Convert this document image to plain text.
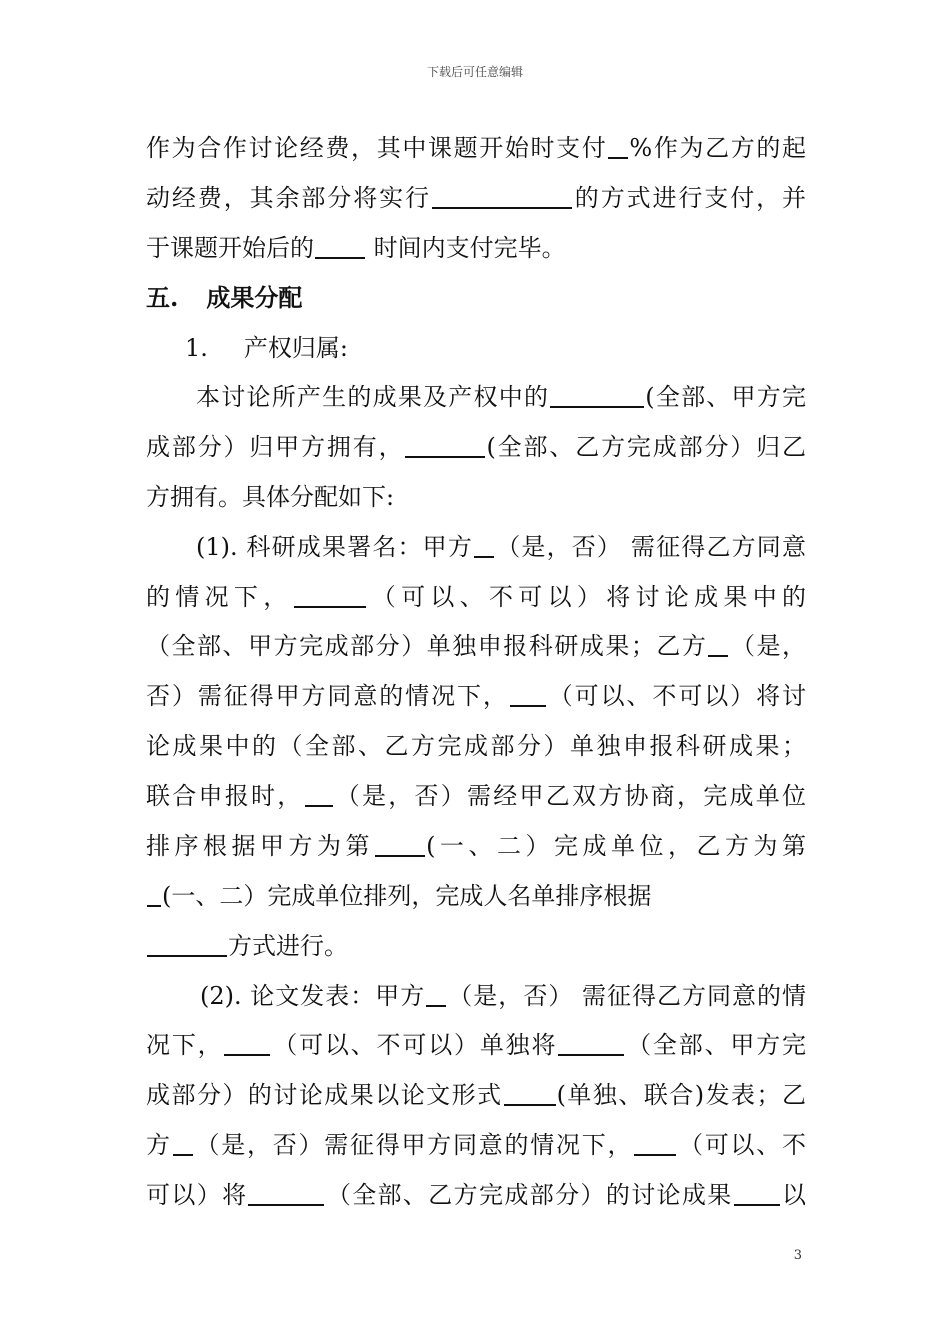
下载后可任意编辑
作为合作讨论经费，其中课题开始时支付 %作为乙方的起
动经费，其余部分将实行	的方式进行支付，并
于课题开始后的 时间内支付完毕。
五. 成果分配
1. 产权归属:
本讨论所产生的成果及产权中的	(全部、甲方完
成部分）归甲方拥有，	(全部、乙方完成部分）归乙
方拥有。具体分配如下:
(1). 科研成果署名：甲方 （是，否） 需征得乙方同意
的情况下，	（可以、不可以）将讨论成果中的
（全部、甲方完成部分）单独申报科研成果；乙方 （是，
否）需征得甲方同意的情况下， （可以、不可以）将讨
论成果中的（全部、乙方完成部分）单独申报科研成果；
联合申报时， （是，否）需经甲乙双方协商，完成单位
排序根据甲方为第 (一、二）完成单位，乙方为第
(一、二）完成单位排列，完成人名单排序根据
方式进行。
(2). 论文发表：甲方 （是，否） 需征得乙方同意的情
况下， （可以、不可以）单独将	（全部、甲方完
成部分）的讨论成果以论文形式 (单独、联合)发表；乙
方 （是，否）需征得甲方同意的情况下， （可以、不
可以）将	（全部、乙方完成部分）的讨论成果 以
3
